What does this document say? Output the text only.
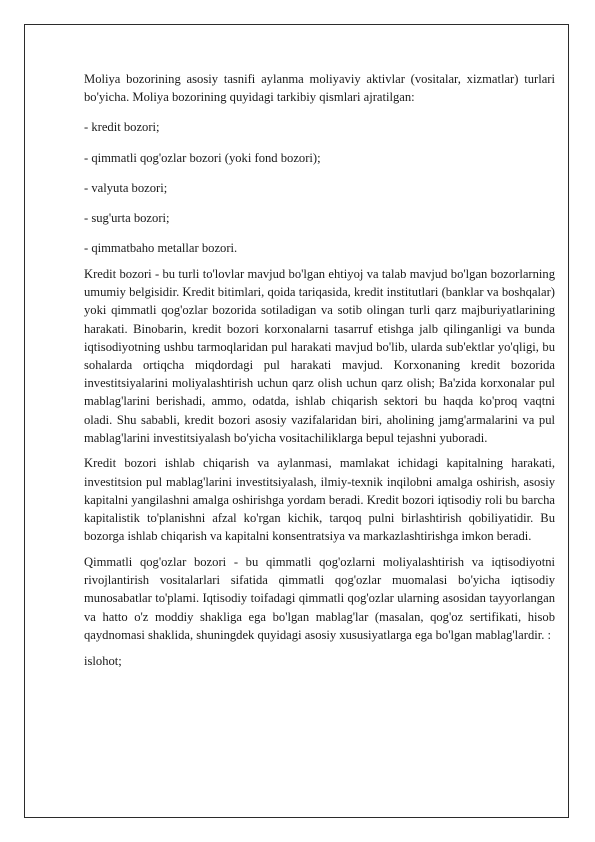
Moliya bozorining asosiy tasnifi aylanma moliyaviy aktivlar (vositalar, xizmatlar) turlari bo'yicha. Moliya bozorining quyidagi tarkibiy qismlari ajratilgan:

- kredit bozori;

- qimmatli qog'ozlar bozori (yoki fond bozori);

- valyuta bozori;

- sug'urta bozori;

- qimmatbaho metallar bozori.

Kredit bozori - bu turli to'lovlar mavjud bo'lgan ehtiyoj va talab mavjud bo'lgan bozorlarning umumiy belgisidir. Kredit bitimlari, qoida tariqasida, kredit institutlari (banklar va boshqalar) yoki qimmatli qog'ozlar bozorida sotiladigan va sotib olingan turli qarz majburiyatlarining harakati. Binobarin, kredit bozori korxonalarni tasarruf etishga jalb qilinganligi va bunda iqtisodiyotning ushbu tarmoqlaridan pul harakati mavjud bo'lib, ularda sub'ektlar yo'qligi, bu sohalarda ortiqcha miqdordagi pul harakati mavjud. Korxonaning kredit bozorida investitsiyalarini moliyalashtirish uchun qarz olish uchun qarz olish; Ba'zida korxonalar pul mablag'larini berishadi, ammo, odatda, ishlab chiqarish sektori bu haqda ko'proq vaqtni oladi. Shu sababli, kredit bozori asosiy vazifalaridan biri, aholining jamg'armalarini va pul mablag'larini investitsiyalash bo'yicha vositachiliklarga bepul tejashni yuboradi.

Kredit bozori ishlab chiqarish va aylanmasi, mamlakat ichidagi kapitalning harakati, investitsion pul mablag'larini investitsiyalash, ilmiy-texnik inqilobni amalga oshirish, asosiy kapitalni yangilashni amalga oshirishga yordam beradi. Kredit bozori iqtisodiy roli bu barcha kapitalistik to'planishni afzal ko'rgan kichik, tarqoq pulni birlashtirish qobiliyatidir. Bu bozorga ishlab chiqarish va kapitalni konsentratsiya va markazlashtirishga imkon beradi.

Qimmatli qog'ozlar bozori - bu qimmatli qog'ozlarni moliyalashtirish va iqtisodiyotni rivojlantirish vositalarlari sifatida qimmatli qog'ozlar muomalasi bo'yicha iqtisodiy munosabatlar to'plami. Iqtisodiy toifadagi qimmatli qog'ozlar ularning asosidan tayyorlangan va hatto o'z moddiy shakliga ega bo'lgan mablag'lar (masalan, qog'oz sertifikati, hisob qaydnomasi shaklida, shuningdek quyidagi asosiy xususiyatlarga ega bo'lgan mablag'lardir. :

islohot;
